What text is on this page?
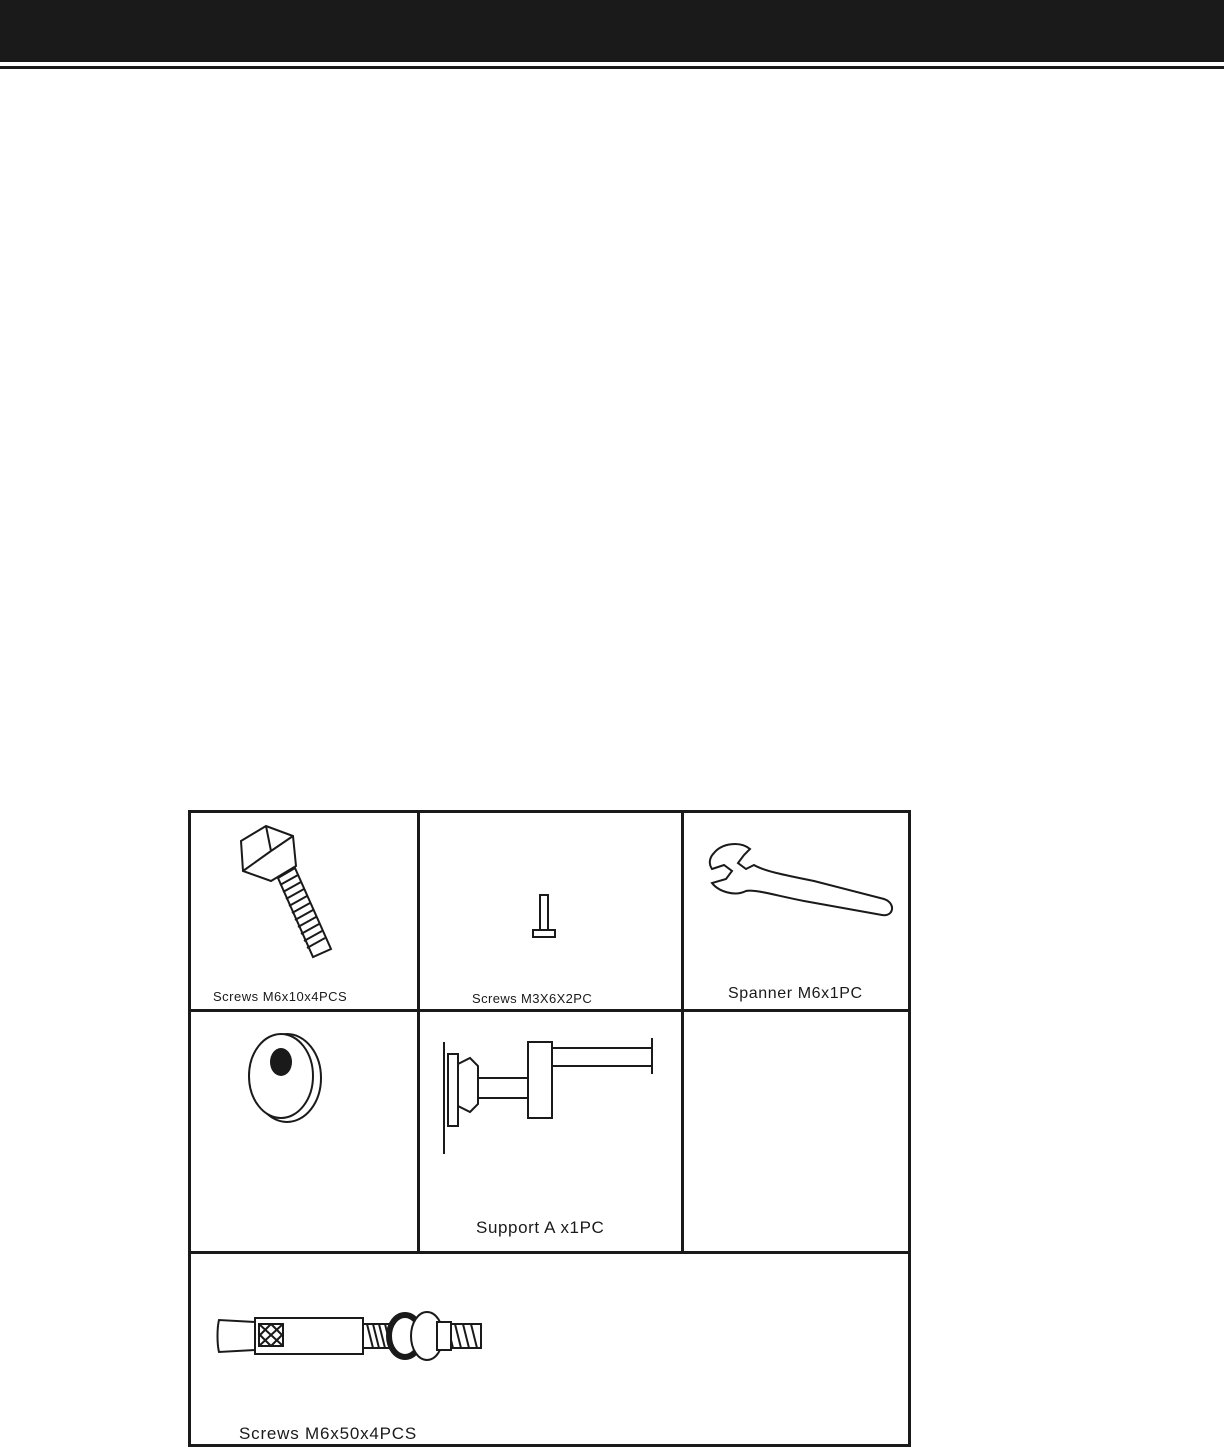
Screws M6x10x4PCS	Screws M3X6X2PC	Spanner M6x1PC
Support A x1PC
Screws M6x50x4PCS
